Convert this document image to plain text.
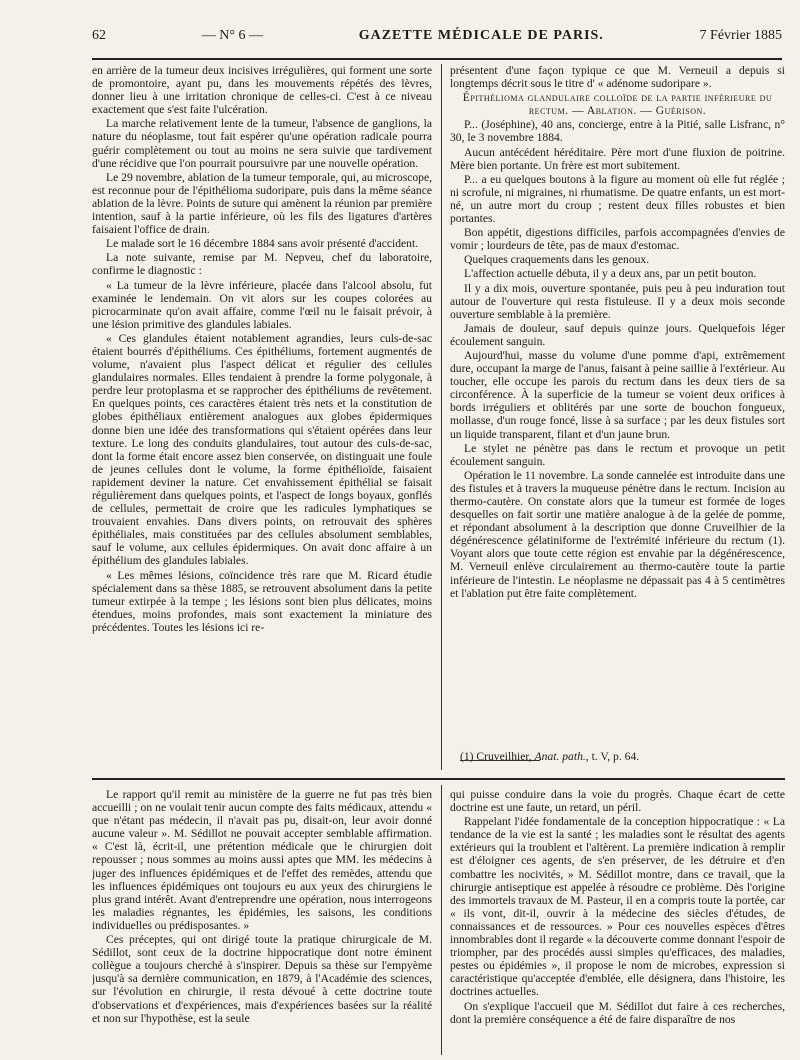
62	— N° 6 —	GAZETTE MÉDICALE DE PARIS.	7 Février 1885

en arrière de la tumeur deux incisives irrégulières, qui forment une sorte de promontoire, ayant pu, dans les mouvements répétés des lèvres, donner lieu à une irritation chronique de celles-ci. C'est à ce niveau exactement que s'est faite l'ulcération.

La marche relativement lente de la tumeur, l'absence de ganglions, la nature du néoplasme, tout fait espérer qu'une opération radicale pourra guérir complètement ou tout au moins ne sera suivie que tardivement d'une récidive que l'on pourrait poursuivre par une nouvelle opération.

Le 29 novembre, ablation de la tumeur temporale, qui, au microscope, est reconnue pour de l'épithélioma sudoripare, puis dans la même séance ablation de la lèvre. Points de suture qui amènent la réunion par première intention, sauf à la partie inférieure, où les fils des ligatures d'artères faisaient l'office de drain.

Le malade sort le 16 décembre 1884 sans avoir présenté d'accident.

La note suivante, remise par M. Nepveu, chef du laboratoire, confirme le diagnostic :

« La tumeur de la lèvre inférieure, placée dans l'alcool absolu, fut examinée le lendemain. On vit alors sur les coupes colorées au picrocarminate qu'on avait affaire, comme l'œil nu le faisait prévoir, à une lésion primitive des glandules labiales.

« Ces glandules étaient notablement agrandies, leurs culs-de-sac étaient bourrés d'épithéliums. Ces épithéliums, fortement augmentés de volume, n'avaient plus l'aspect délicat et régulier des cellules glandulaires normales. Elles tendaient à prendre la forme polygonale, à perdre leur protoplasma et se rapprocher des épithéliums de revêtement. En quelques points, ces caractères étaient très nets et la constitution de globes épithéliaux entièrement analogues aux globes épidermiques donne bien une idée des transformations qui s'étaient opérées dans leur texture. Le long des conduits glandulaires, tout autour des culs-de-sac, dont la forme était encore assez bien conservée, on distinguait une foule de jeunes cellules dont le volume, la forme épithélioïde, faisaient rapidement deviner la nature. Cet envahissement épithélial se faisait régulièrement dans quelques points, et l'aspect de longs boyaux, gonflés de cellules, permettait de croire que les radicules lymphatiques se trouvaient envahies. Dans divers points, on retrouvait des sphères épithéliales, mais constituées par des cellules absolument semblables, sauf le volume, aux cellules épidermiques. On avait donc affaire à un épithélium des glandules labiales.

« Les mêmes lésions, coïncidence très rare que M. Ricard étudie spécialement dans sa thèse 1885, se retrouvent absolument dans la petite tumeur extirpée à la tempe ; les lésions sont bien plus délicates, moins étendues, moins profondes, mais sont exactement la miniature des précédentes. Toutes les lésions ici re-

présentent d'une façon typique ce que M. Verneuil a depuis si longtemps décrit sous le titre d' « adénome sudoripare ».

Épithélioma glandulaire colloïde de la partie inférieure du rectum. — Ablation. — Guérison.

P... (Joséphine), 40 ans, concierge, entre à la Pitié, salle Lisfranc, n° 30, le 3 novembre 1884.

Aucun antécédent héréditaire. Père mort d'une fluxion de poitrine. Mère bien portante. Un frère est mort subitement.

P... a eu quelques boutons à la figure au moment où elle fut réglée ; ni scrofule, ni migraines, ni rhumatisme. De quatre enfants, un est mort-né, un autre mort du croup ; restent deux filles robustes et bien portantes.

Bon appétit, digestions difficiles, parfois accompagnées d'envies de vomir ; lourdeurs de tête, pas de maux d'estomac.

Quelques craquements dans les genoux.

L'affection actuelle débuta, il y a deux ans, par un petit bouton.

Il y a dix mois, ouverture spontanée, puis peu à peu induration tout autour de l'ouverture qui resta fistuleuse. Il y a deux mois seconde ouverture semblable à la première.

Jamais de douleur, sauf depuis quinze jours. Quelquefois léger écoulement sanguin.

Aujourd'hui, masse du volume d'une pomme d'api, extrêmement dure, occupant la marge de l'anus, faisant à peine saillie à l'extérieur. Au toucher, elle occupe les parois du rectum dans les deux tiers de sa circonférence. À la superficie de la tumeur se voient deux orifices à bords irréguliers et oblitérés par une sorte de bouchon fongueux, mollasse, d'un rouge foncé, lisse à sa surface ; par les deux fistules sort un liquide transparent, filant et d'un jaune brun.

Le stylet ne pénètre pas dans le rectum et provoque un petit écoulement sanguin.

Opération le 11 novembre. La sonde cannelée est introduite dans une des fistules et à travers la muqueuse pénètre dans le rectum. Incision au thermo-cautère. On constate alors que la tumeur est formée de loges desquelles on fait sortir une matière analogue à de la gelée de pomme, et répondant absolument à la description que donne Cruveilhier de la dégénérescence gélatiniforme de l'extrémité inférieure du rectum (1). Voyant alors que toute cette région est envahie par la dégénérescence, M. Verneuil enlève circulairement au thermo-cautère toute la partie inférieure de l'intestin. Le néoplasme ne dépassait pas 4 à 5 centimètres et l'ablation put être faite complètement.

(1) Cruveilhier, Anat. path., t. V, p. 64.

Le rapport qu'il remit au ministère de la guerre ne fut pas très bien accueilli ; on ne voulait tenir aucun compte des faits médicaux, attendu « que n'étant pas médecin, il n'avait pas pu, disait-on, leur avoir donné aucune valeur ». M. Sédillot ne pouvait accepter semblable affirmation. « C'est là, écrit-il, une prétention médicale que le chirurgien doit repousser ; nous sommes au moins aussi aptes que MM. les médecins à juger des influences épidémiques et de l'effet des remèdes, attendu que les influences épidémiques ont toujours eu aux yeux des chirurgiens le plus grand intérêt. Avant d'entreprendre une opération, nous interrogeons les maladies régnantes, les épidémies, les saisons, les conditions individuelles ou prédisposantes. »

Ces préceptes, qui ont dirigé toute la pratique chirurgicale de M. Sédillot, sont ceux de la doctrine hippocratique dont notre éminent collègue a toujours cherché à s'inspirer. Depuis sa thèse sur l'empyème jusqu'à sa dernière communication, en 1879, à l'Académie des sciences, sur l'évolution en chirurgie, il resta dévoué à cette doctrine toute d'observations et d'expériences, mais d'expériences basées sur la réalité et non sur l'hypothèse, est la seule

qui puisse conduire dans la voie du progrès. Chaque écart de cette doctrine est une faute, un retard, un péril.

Rappelant l'idée fondamentale de la conception hippocratique : « La tendance de la vie est la santé ; les maladies sont le résultat des agents extérieurs qui la troublent et l'altèrent. La première indication à remplir est d'éloigner ces agents, de s'en préserver, de les détruire et d'en combattre les nocivités, » M. Sédillot montre, dans ce travail, que la chirurgie antiseptique est appelée à résoudre ce problème. Dès l'origine des immortels travaux de M. Pasteur, il en a compris toute la portée, car « ils vont, dit-il, ouvrir à la médecine des siècles d'études, de connaissances et de ressources. » Pour ces nouvelles espèces d'êtres innombrables dont il regarde « la découverte comme donnant l'espoir de triompher, par des procédés aussi simples qu'efficaces, des maladies, pestes ou épidémies », il propose le nom de microbes, expression si caractéristique qu'acceptée d'emblée, elle désignera, dans l'histoire, les doctrines actuelles.

On s'explique l'accueil que M. Sédillot dut faire à ces recherches, dont la première conséquence a été de faire disparaître de nos
